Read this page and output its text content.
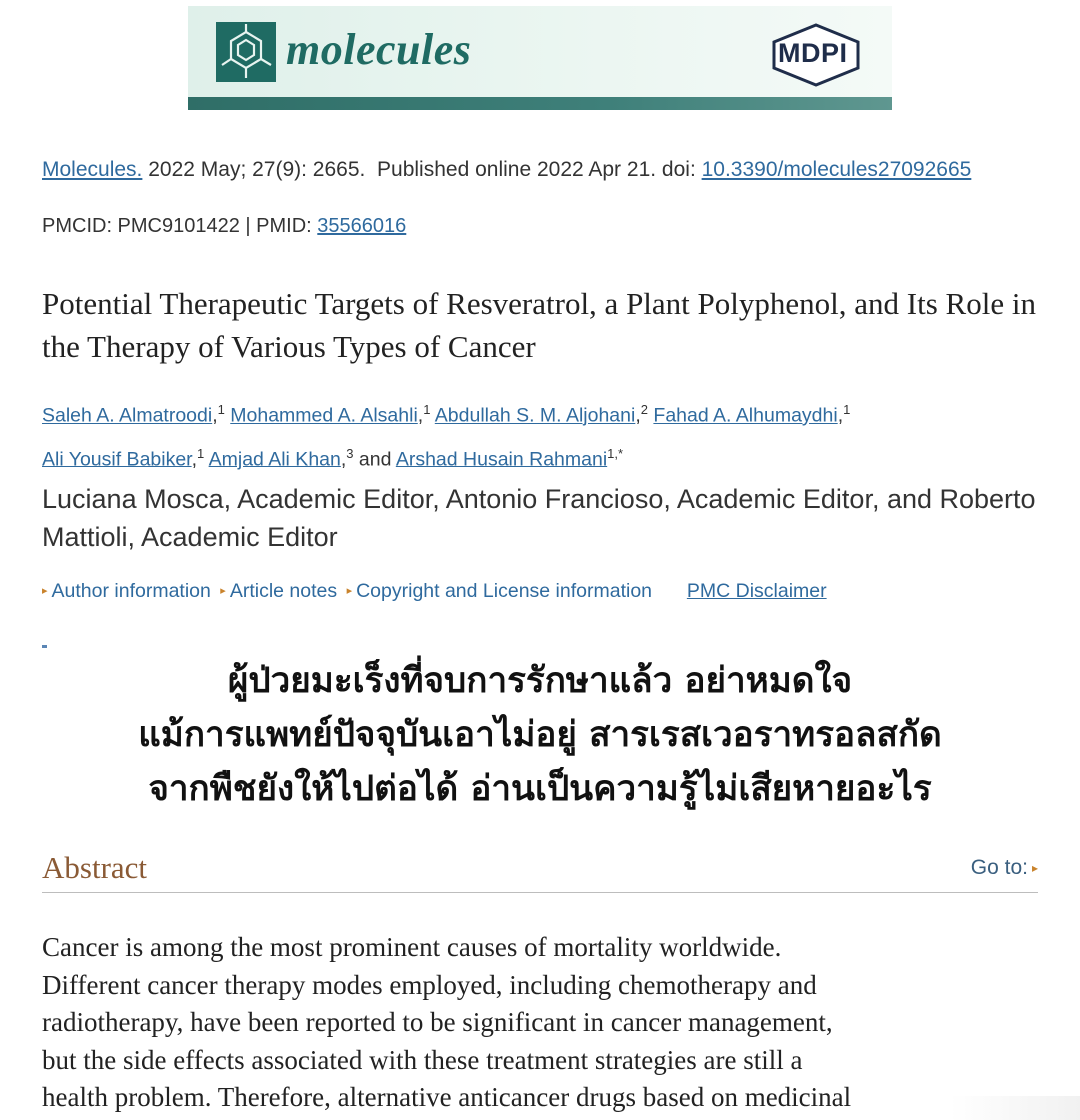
molecules	MDPI
Molecules. 2022 May; 27(9): 2665.  Published online 2022 Apr 21. doi: 10.3390/molecules27092665
PMCID: PMC9101422 | PMID: 35566016
Potential Therapeutic Targets of Resveratrol, a Plant Polyphenol, and Its Role in the Therapy of Various Types of Cancer
Saleh A. Almatroodi,$^1$ Mohammed A. Alsahli,$^1$ Abdullah S. M. Aljohani,$^2$ Fahad A. Alhumaydhi,$^1$
Ali Yousif Babiker,$^1$ Amjad Ali Khan,$^3$ and Arshad Husain Rahmani$^{1,*}$
Luciana Mosca, Academic Editor, Antonio Francioso, Academic Editor, and Roberto Mattioli, Academic Editor
▸ Author information ▸ Article notes ▸ Copyright and License information PMC Disclaimer
ผู้ป่วยมะเร็งที่จบการรักษาแล้ว อย่าหมดใจ
แม้การแพทย์ปัจจุบันเอาไม่อยู่ สารเรสเวอราทรอลสกัด
จากพืชยังให้ไปต่อได้ อ่านเป็นความรู้ไม่เสียหายอะไร
Abstract	Go to: ▸
Cancer is among the most prominent causes of mortality worldwide.
Different cancer therapy modes employed, including chemotherapy and
radiotherapy, have been reported to be significant in cancer management,
but the side effects associated with these treatment strategies are still a
health problem. Therefore, alternative anticancer drugs based on medicinal
